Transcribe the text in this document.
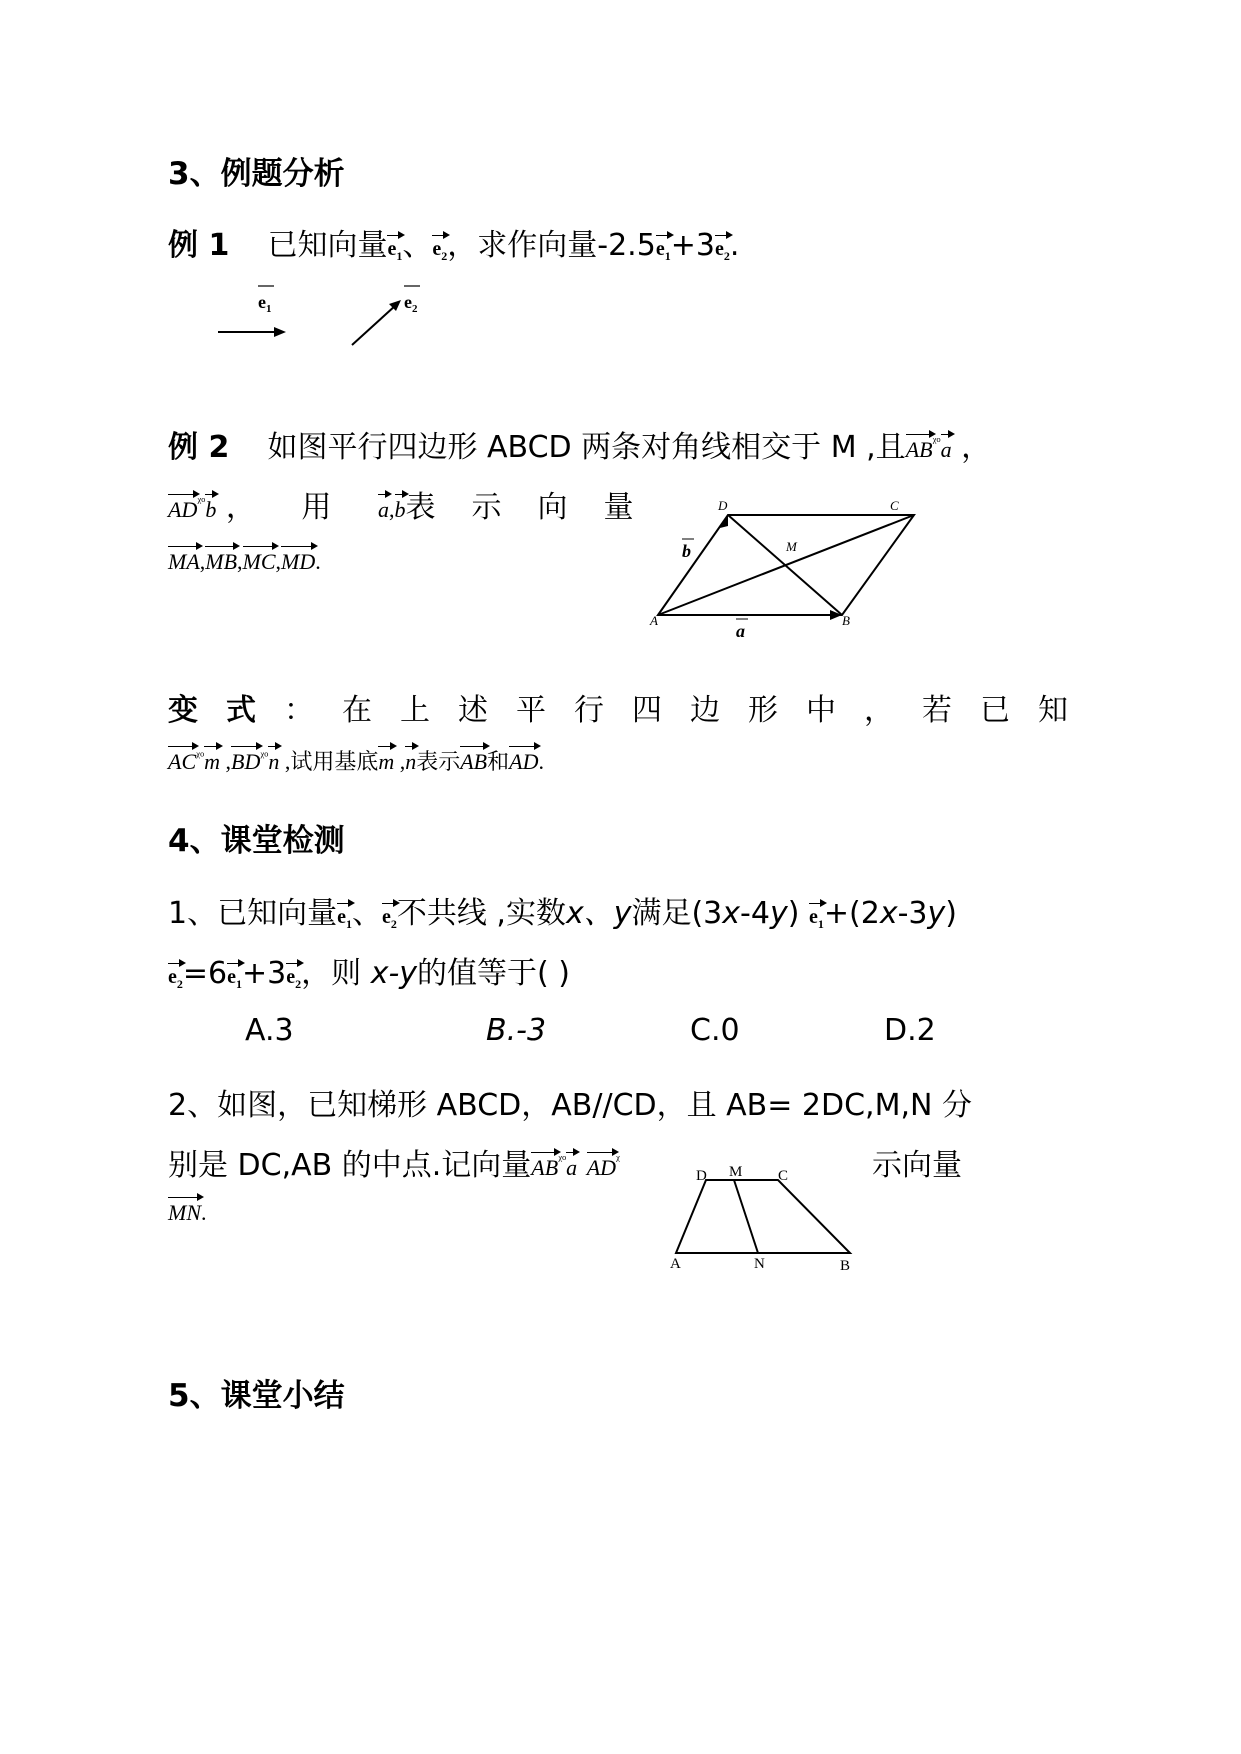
3、例题分析
例 1 已知向量$e_1$、$e_2$，求作向量$-2.5e_1+3e_2$.
$e_1$	$e_2$
例 2 如图平行四边形 ABCD 两条对角线相交于 M ,且$AB^{ᵡᵒ}a$ ，
$AD^{ᵡᵒ}b$ ， 用 a,b表示向量
MA,MB,MC,MD.
D	C
M
A	B
a
b
变式：在上述平行四边形中，若已知
$AC^{ᵡᵒ}m$ $,BD^{ᵡᵒ}n$ ,试用基底m ,n表示AB和AD.
4、课堂检测
1、已知向量$e_1$、$e_2$不共线 ,实数x、y满足(3x-4y) $e_1+(2x-3y)$
$e_2=6e_1+3e_2$，则 x-y的值等于( )
A.3	B.-3	C.0	D.2
2、如图，已知梯形 ABCD，AB//CD，且 AB= 2DC,M,N 分
别是 DC,AB 的中点.记向量$AB^{ᵡᵒ}a$ $AD^ᵡ$	示向量
MN.
D M C
A	N	B
5、课堂小结
